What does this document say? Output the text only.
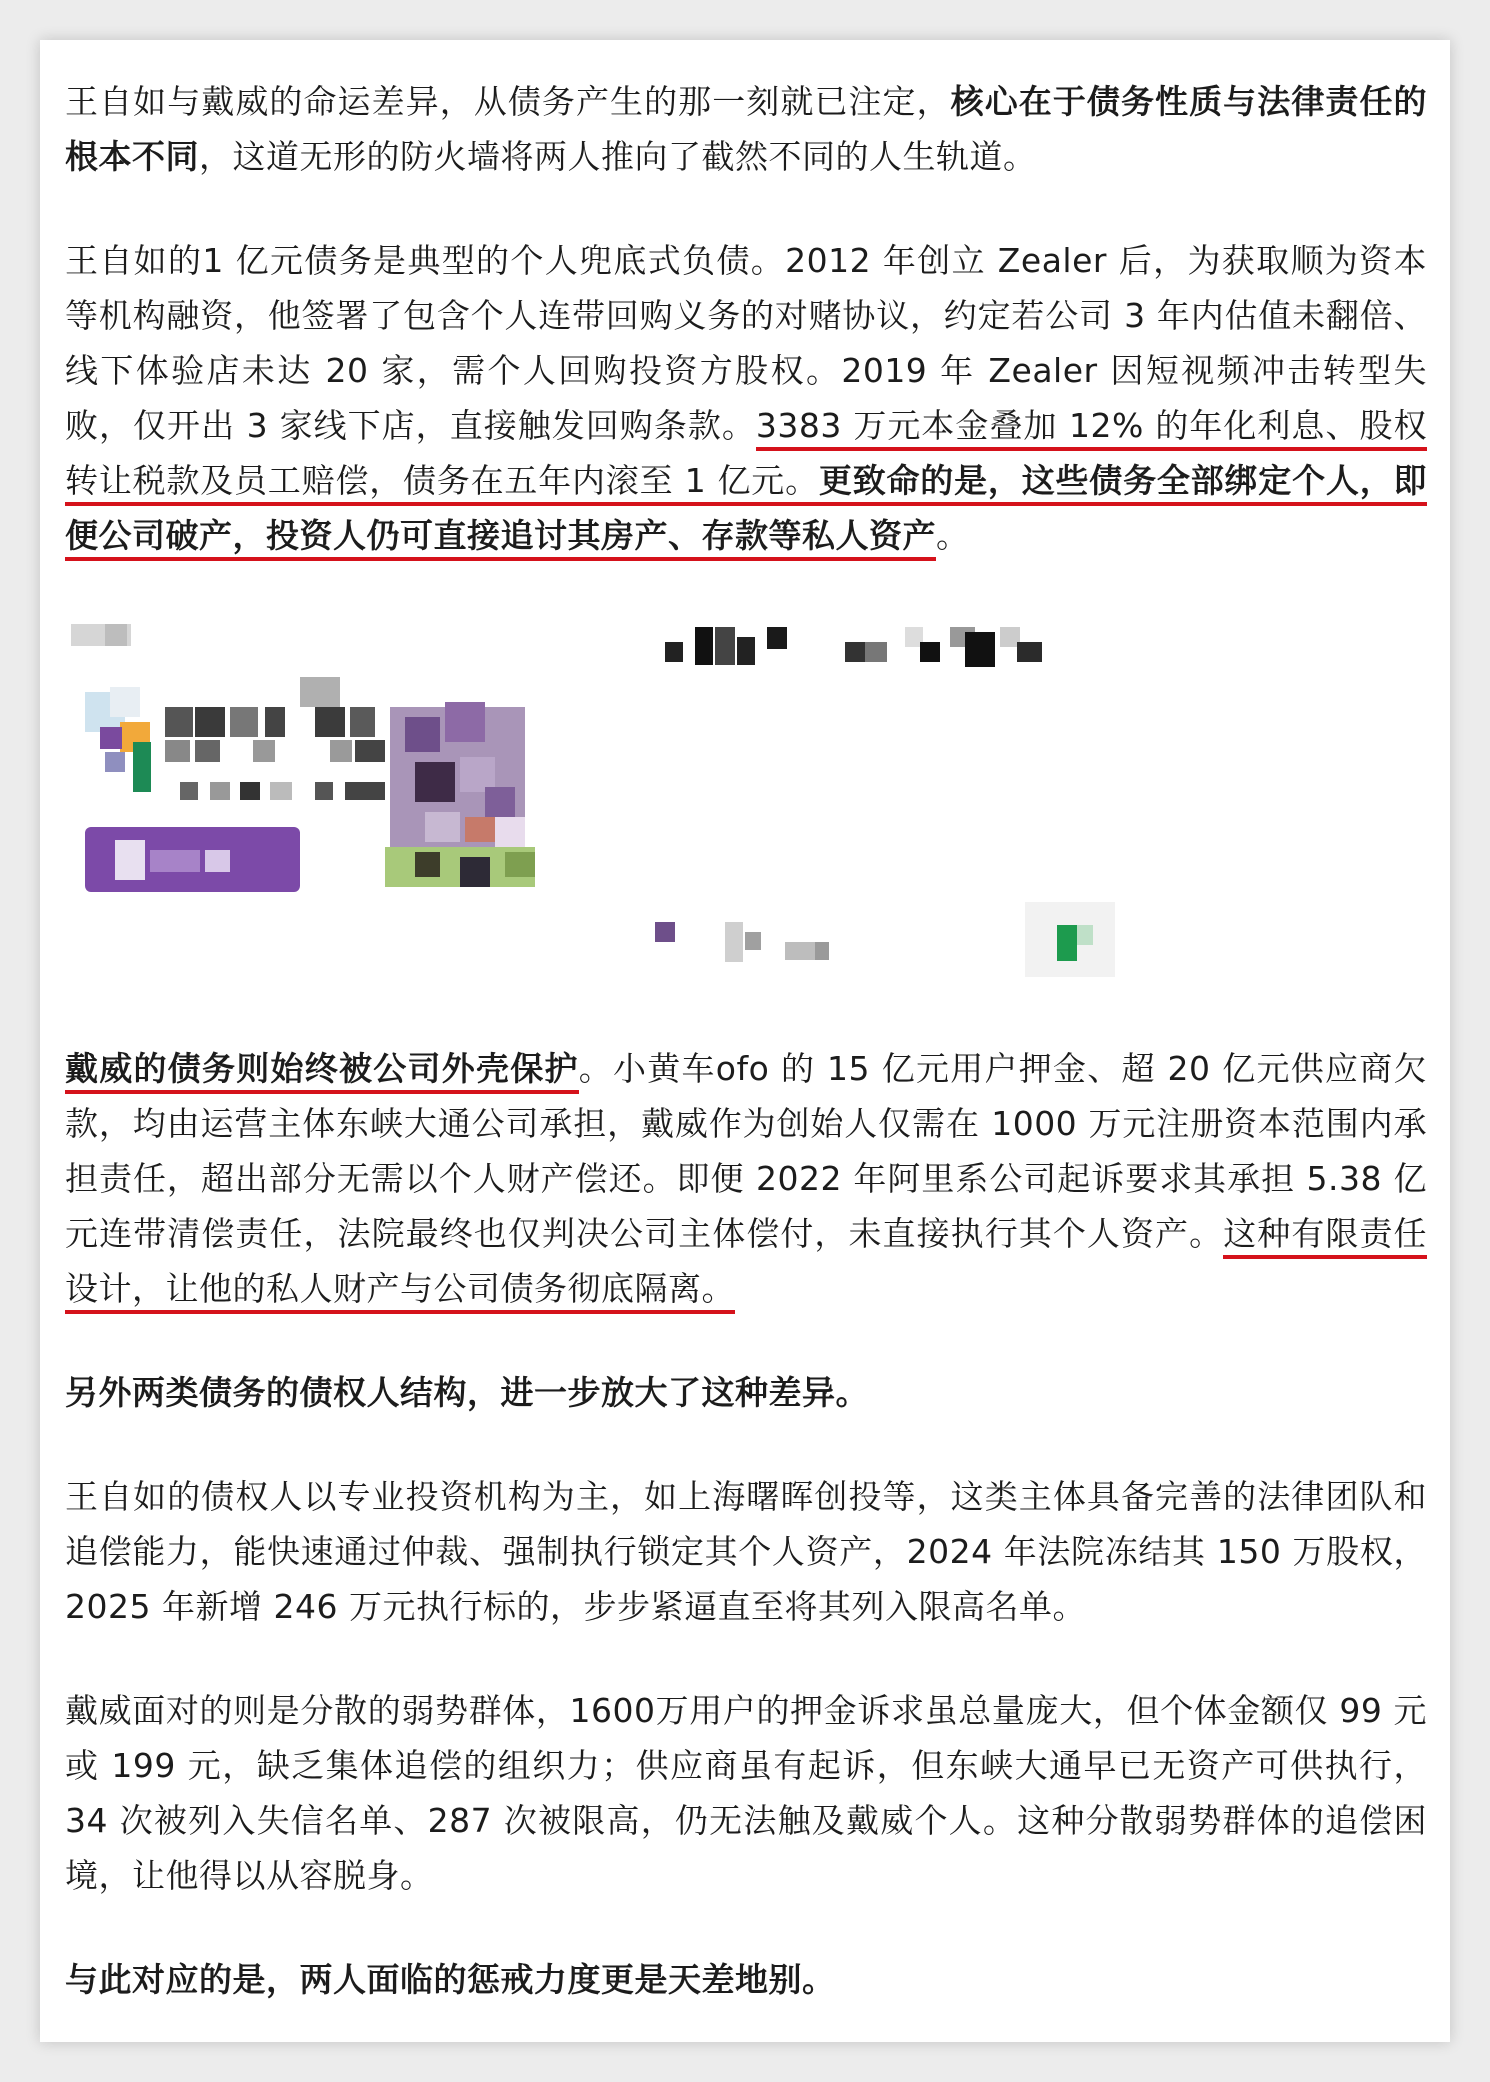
王自如与戴威的命运差异，从债务产生的那一刻就已注定，核心在于债务性质与法律责任的根本不同，这道无形的防火墙将两人推向了截然不同的人生轨道。

王自如的1 亿元债务是典型的个人兜底式负债。2012 年创立 Zealer 后，为获取顺为资本等机构融资，他签署了包含个人连带回购义务的对赌协议，约定若公司 3 年内估值未翻倍、线下体验店未达 20 家，需个人回购投资方股权。2019 年 Zealer 因短视频冲击转型失败，仅开出 3 家线下店，直接触发回购条款。3383 万元本金叠加 12% 的年化利息、股权转让税款及员工赔偿，债务在五年内滚至 1 亿元。更致命的是，这些债务全部绑定个人，即便公司破产，投资人仍可直接追讨其房产、存款等私人资产。

戴威的债务则始终被公司外壳保护。小黄车ofo 的 15 亿元用户押金、超 20 亿元供应商欠款，均由运营主体东峡大通公司承担，戴威作为创始人仅需在 1000 万元注册资本范围内承担责任，超出部分无需以个人财产偿还。即便 2022 年阿里系公司起诉要求其承担 5.38 亿元连带清偿责任，法院最终也仅判决公司主体偿付，未直接执行其个人资产。这种有限责任设计，让他的私人财产与公司债务彻底隔离。

另外两类债务的债权人结构，进一步放大了这种差异。

王自如的债权人以专业投资机构为主，如上海曙晖创投等，这类主体具备完善的法律团队和追偿能力，能快速通过仲裁、强制执行锁定其个人资产，2024 年法院冻结其 150 万股权，2025 年新增 246 万元执行标的，步步紧逼直至将其列入限高名单。

戴威面对的则是分散的弱势群体，1600万用户的押金诉求虽总量庞大，但个体金额仅 99 元或 199 元，缺乏集体追偿的组织力；供应商虽有起诉，但东峡大通早已无资产可供执行，34 次被列入失信名单、287 次被限高，仍无法触及戴威个人。这种分散弱势群体的追偿困境，让他得以从容脱身。

与此对应的是，两人面临的惩戒力度更是天差地别。
